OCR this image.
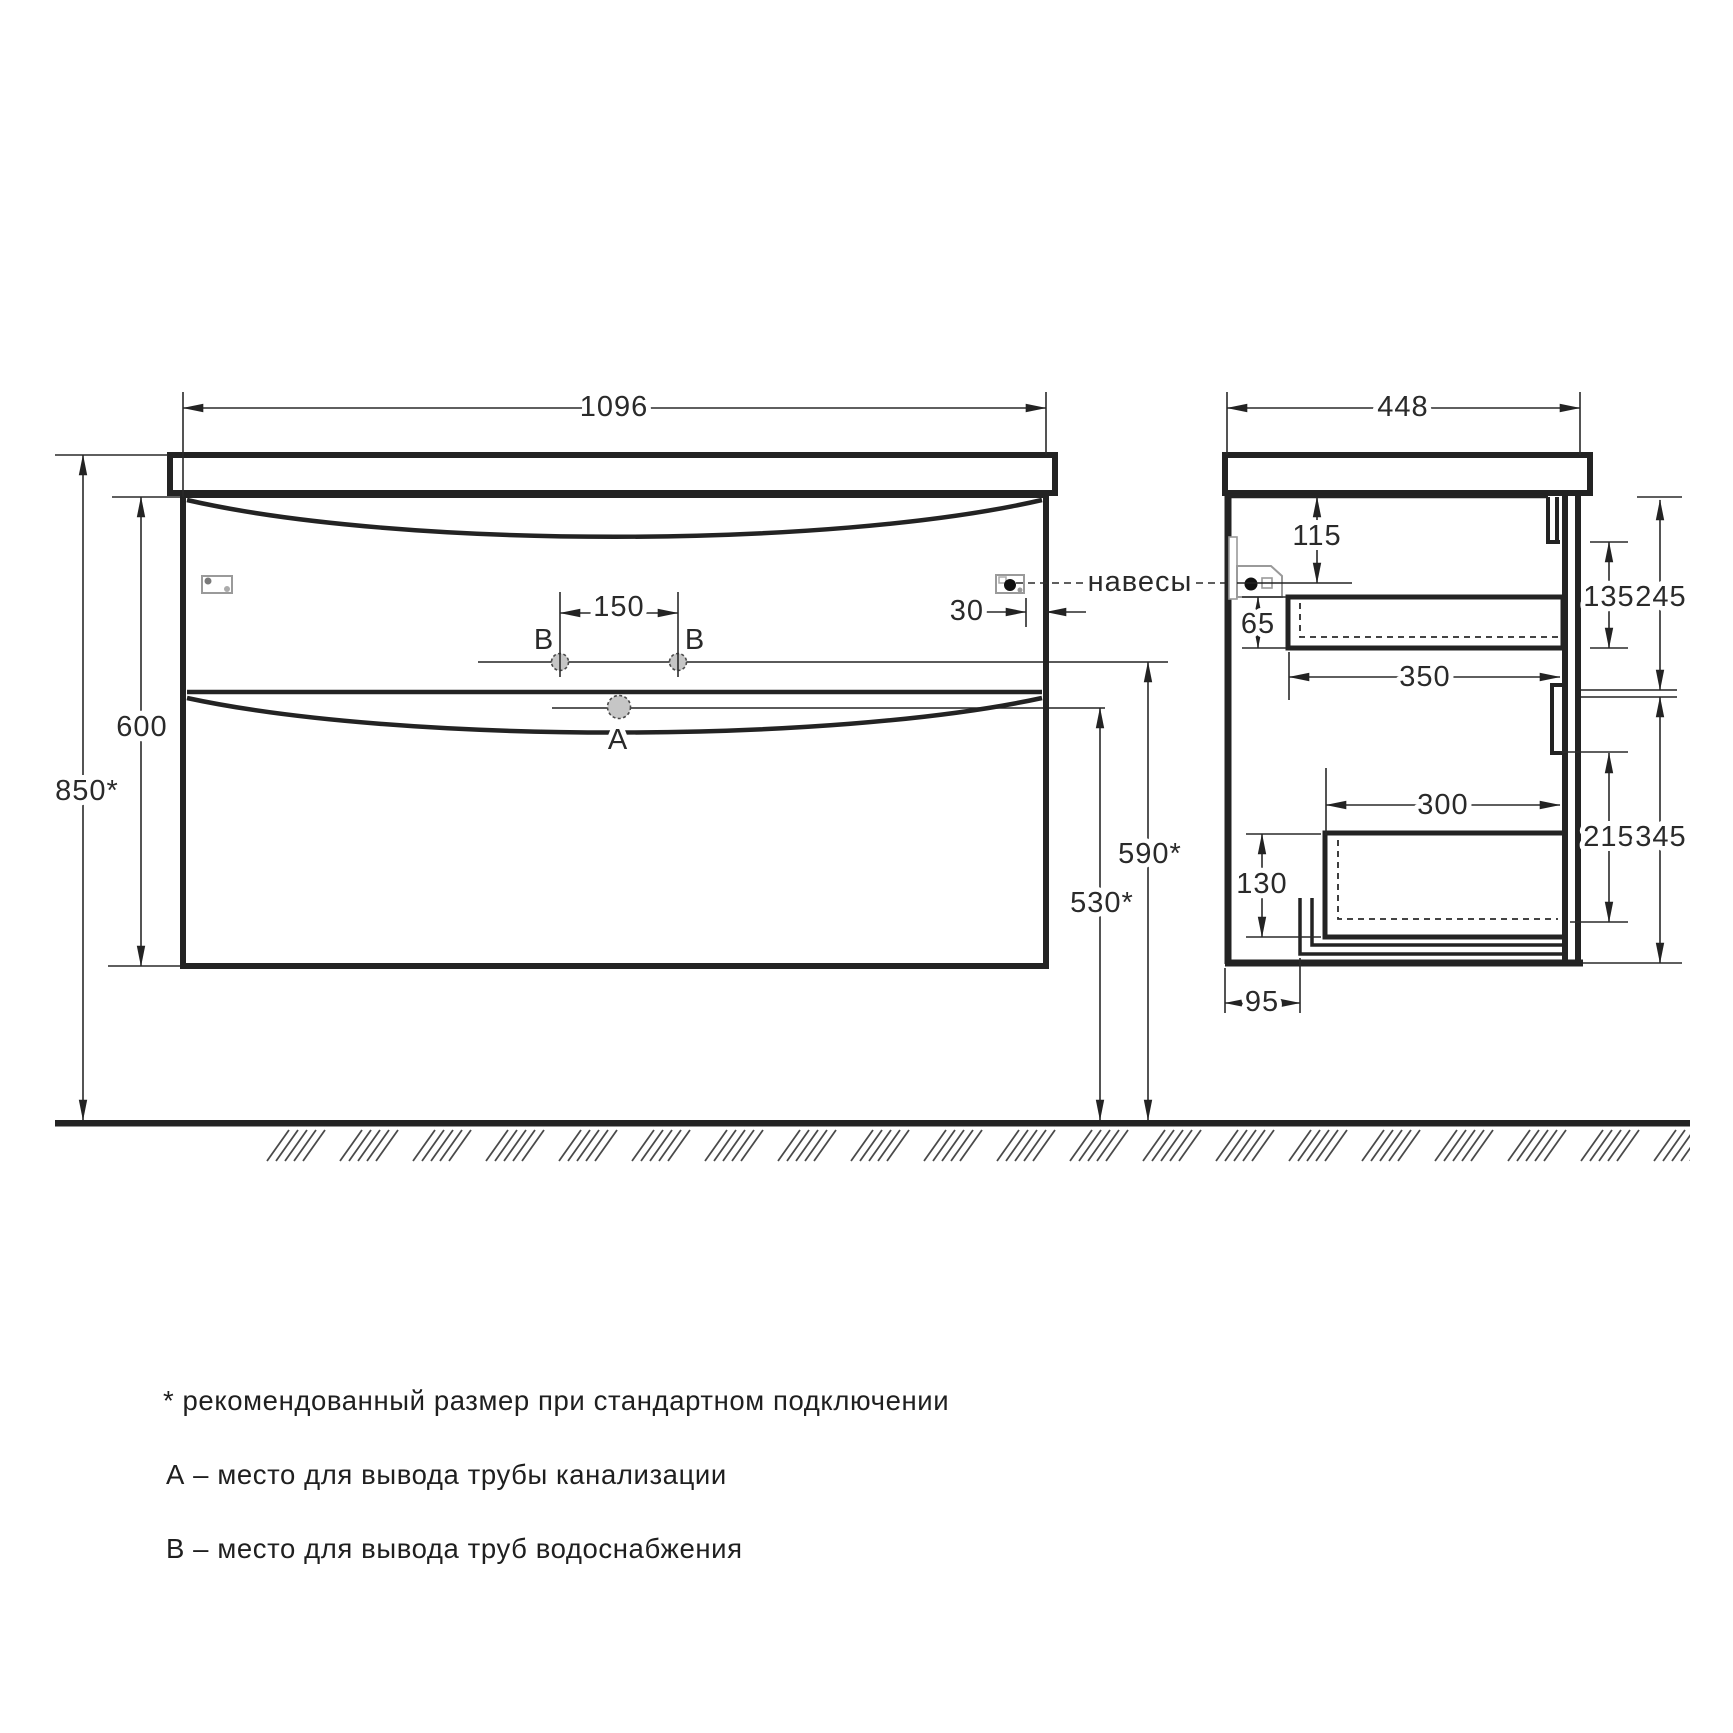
1096
150	30
600
850*
590*
530*
В	В
А
навесы
448
115
65
350
300
130
95
135 245
215 345
* рекомендованный размер при стандартном подключении
А – место для вывода трубы канализации
В – место для вывода труб водоснабжения
